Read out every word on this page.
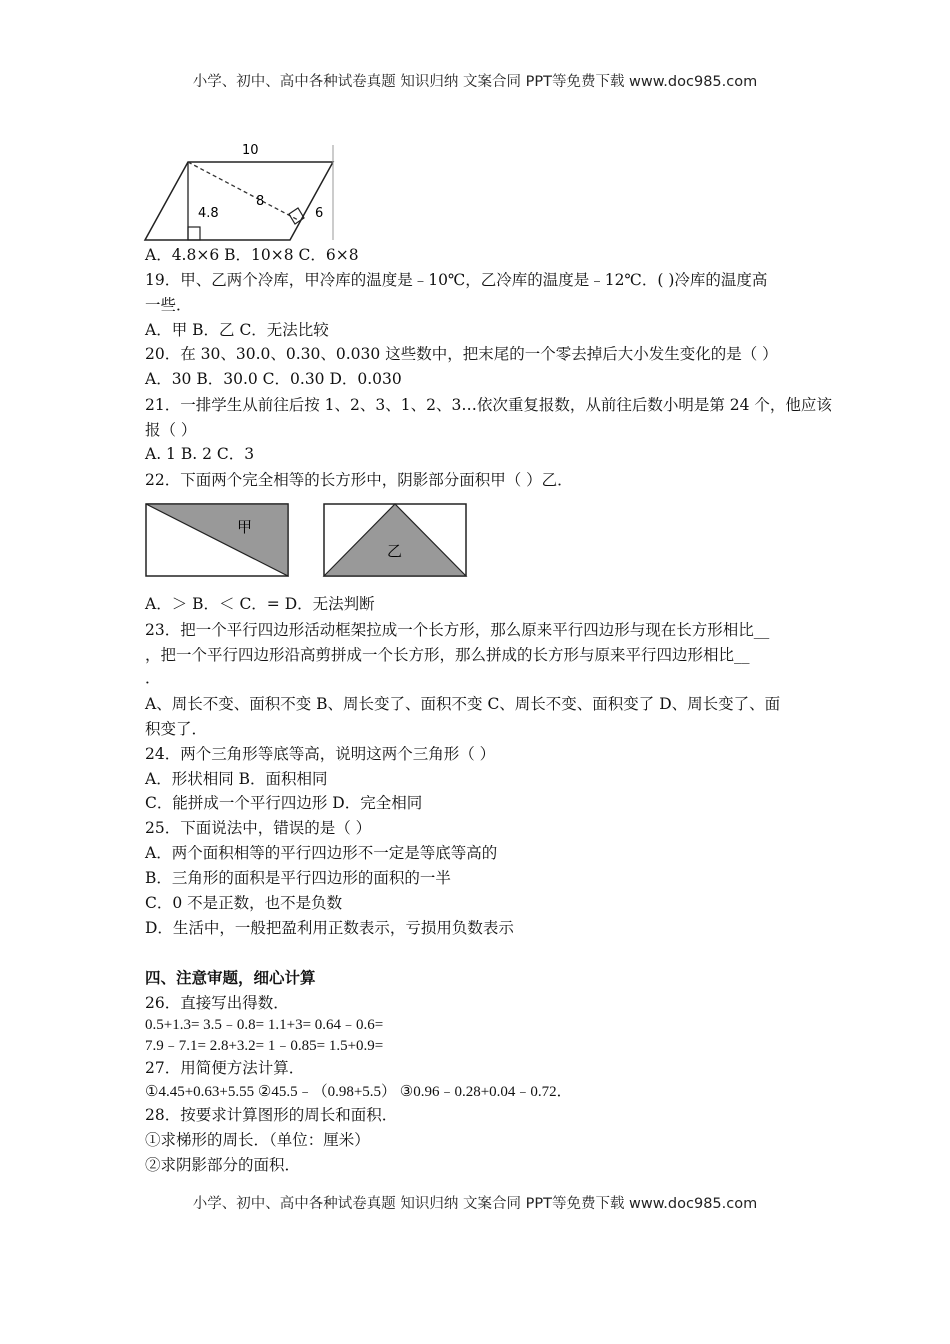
小学、初中、高中各种试卷真题 知识归纳 文案合同 PPT等免费下载 www.doc985.com
10
8
4.8	6
A．4.8×6 B．10×8 C．6×8
19．甲、乙两个冷库，甲冷库的温度是﹣10℃，乙冷库的温度是﹣12℃．( )冷库的温度高
一些．
A．甲 B．乙 C．无法比较
20．在 30、30.0、0.30、0.030 这些数中，把末尾的一个零去掉后大小发生变化的是（ ）
A．30 B．30.0 C．0.30 D．0.030
21．一排学生从前往后按 1、2、3、1、2、3…依次重复报数，从前往后数小明是第 24 个，他应该
报（ ）
A. 1 B. 2 C．3
22．下面两个完全相等的长方形中，阴影部分面积甲（ ）乙．
甲
乙
A．＞ B．＜ C．= D．无法判断
23．把一个平行四边形活动框架拉成一个长方形，那么原来平行四边形与现在长方形相比__
，把一个平行四边形沿高剪拼成一个长方形，那么拼成的长方形与原来平行四边形相比__
．
A、周长不变、面积不变 B、周长变了、面积不变 C、周长不变、面积变了 D、周长变了、面
积变了．
24．两个三角形等底等高，说明这两个三角形（ ）
A．形状相同 B．面积相同
C．能拼成一个平行四边形 D．完全相同
25．下面说法中，错误的是（ ）
A．两个面积相等的平行四边形不一定是等底等高的
B．三角形的面积是平行四边形的面积的一半
C．0 不是正数，也不是负数
D．生活中，一般把盈利用正数表示，亏损用负数表示
四、注意审题，细心计算
26．直接写出得数．
0.5+1.3= 3.5﹣0.8= 1.1+3= 0.64﹣0.6=
7.9﹣7.1= 2.8+3.2= 1﹣0.85= 1.5+0.9=
27．用简便方法计算．
①4.45+0.63+5.55 ②45.5﹣（0.98+5.5） ③0.96﹣0.28+0.04﹣0.72．
28．按要求计算图形的周长和面积．
①求梯形的周长．（单位：厘米）
②求阴影部分的面积．
小学、初中、高中各种试卷真题 知识归纳 文案合同 PPT等免费下载 www.doc985.com
